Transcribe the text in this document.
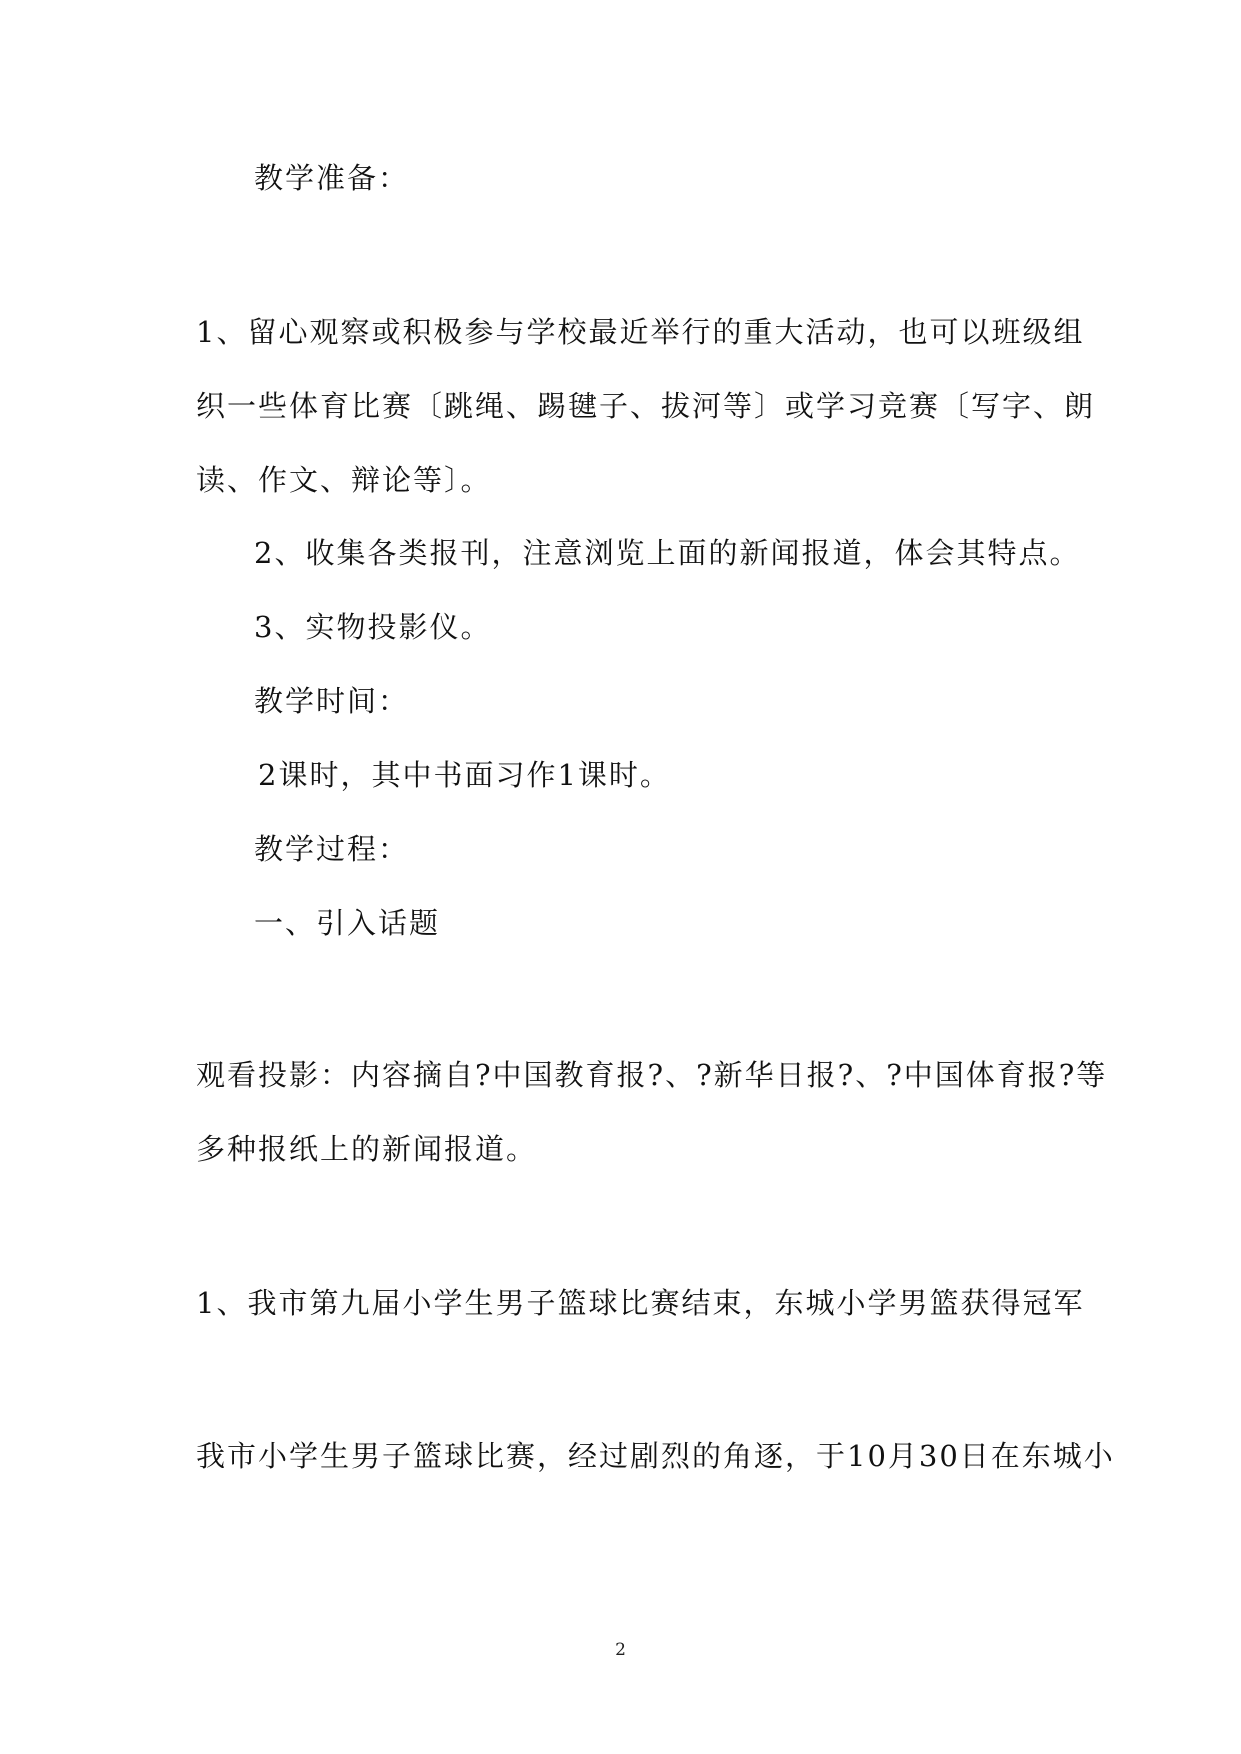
教学准备：
1、留心观察或积极参与学校最近举行的重大活动，也可以班级组
织一些体育比赛〔跳绳、踢毽子、拔河等〕或学习竞赛〔写字、朗
读、作文、辩论等〕。
2、收集各类报刊，注意浏览上面的新闻报道，体会其特点。
3、实物投影仪。
教学时间：
2课时，其中书面习作1课时。
教学过程：
一、引入话题
观看投影：内容摘自?中国教育报?、?新华日报?、?中国体育报?等
多种报纸上的新闻报道。
1、我市第九届小学生男子篮球比赛结束，东城小学男篮获得冠军
我市小学生男子篮球比赛，经过剧烈的角逐，于10月30日在东城小
2
